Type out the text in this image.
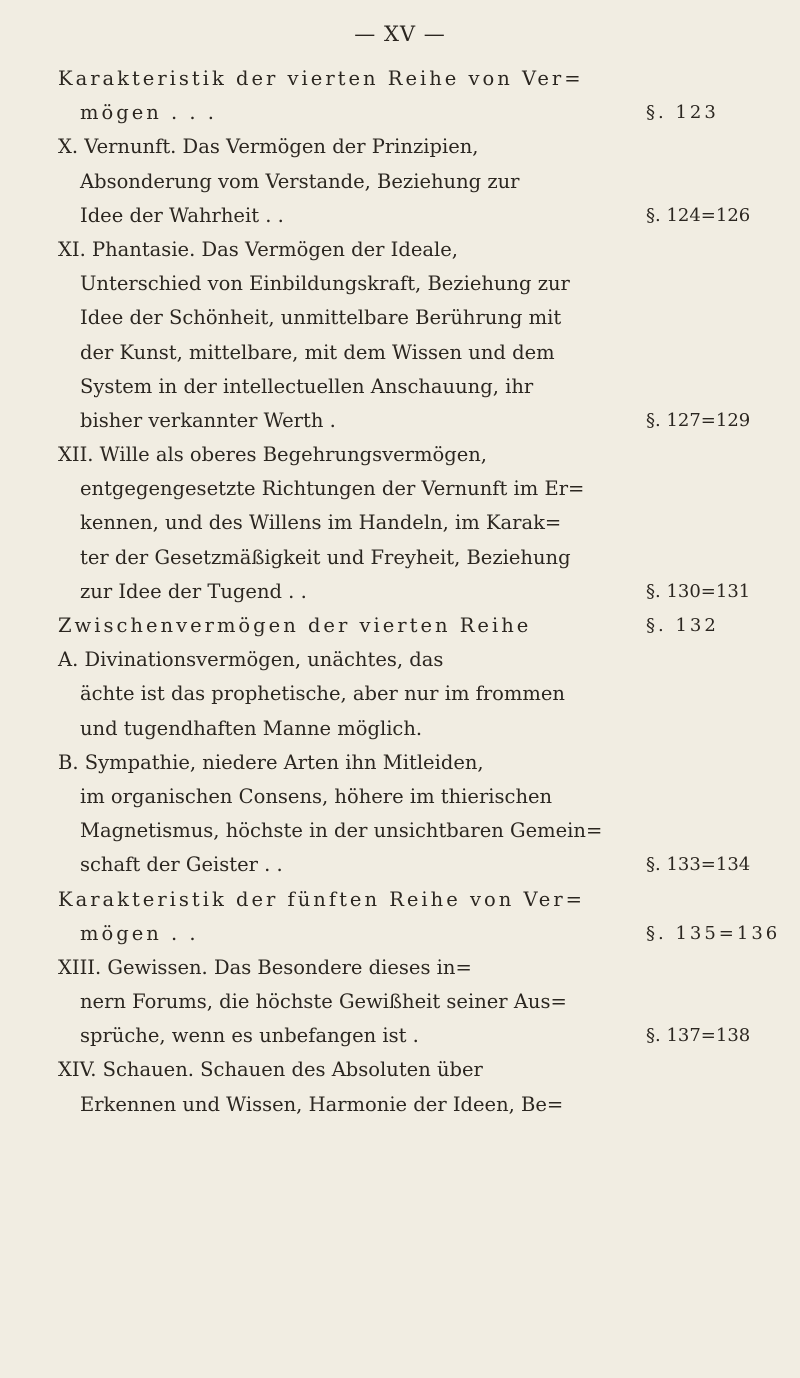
— XV —
Karakteristik der vierten Reihe von Ver=
mögen . . .	§. 123
X. Vernunft. Das Vermögen der Prinzipien,
Absonderung vom Verstande, Beziehung zur
Idee der Wahrheit . .	§. 124=126
XI. Phantasie. Das Vermögen der Ideale,
Unterschied von Einbildungskraft, Beziehung zur
Idee der Schönheit, unmittelbare Berührung mit
der Kunst, mittelbare, mit dem Wissen und dem
System in der intellectuellen Anschauung, ihr
bisher verkannter Werth .	§. 127=129
XII. Wille als oberes Begehrungsvermögen,
entgegengesetzte Richtungen der Vernunft im Er=
kennen, und des Willens im Handeln, im Karak=
ter der Gesetzmäßigkeit und Freyheit, Beziehung
zur Idee der Tugend . .	§. 130=131
Zwischenvermögen der vierten Reihe	§. 132
A. Divinationsvermögen, unächtes, das
ächte ist das prophetische, aber nur im frommen
und tugendhaften Manne möglich.
B. Sympathie, niedere Arten ihn Mitleiden,
im organischen Consens, höhere im thierischen
Magnetismus, höchste in der unsichtbaren Gemein=
schaft der Geister . .	§. 133=134
Karakteristik der fünften Reihe von Ver=
mögen . .	§. 135=136
XIII. Gewissen. Das Besondere dieses in=
nern Forums, die höchste Gewißheit seiner Aus=
sprüche, wenn es unbefangen ist .	§. 137=138
XIV. Schauen. Schauen des Absoluten über
Erkennen und Wissen, Harmonie der Ideen, Be=
